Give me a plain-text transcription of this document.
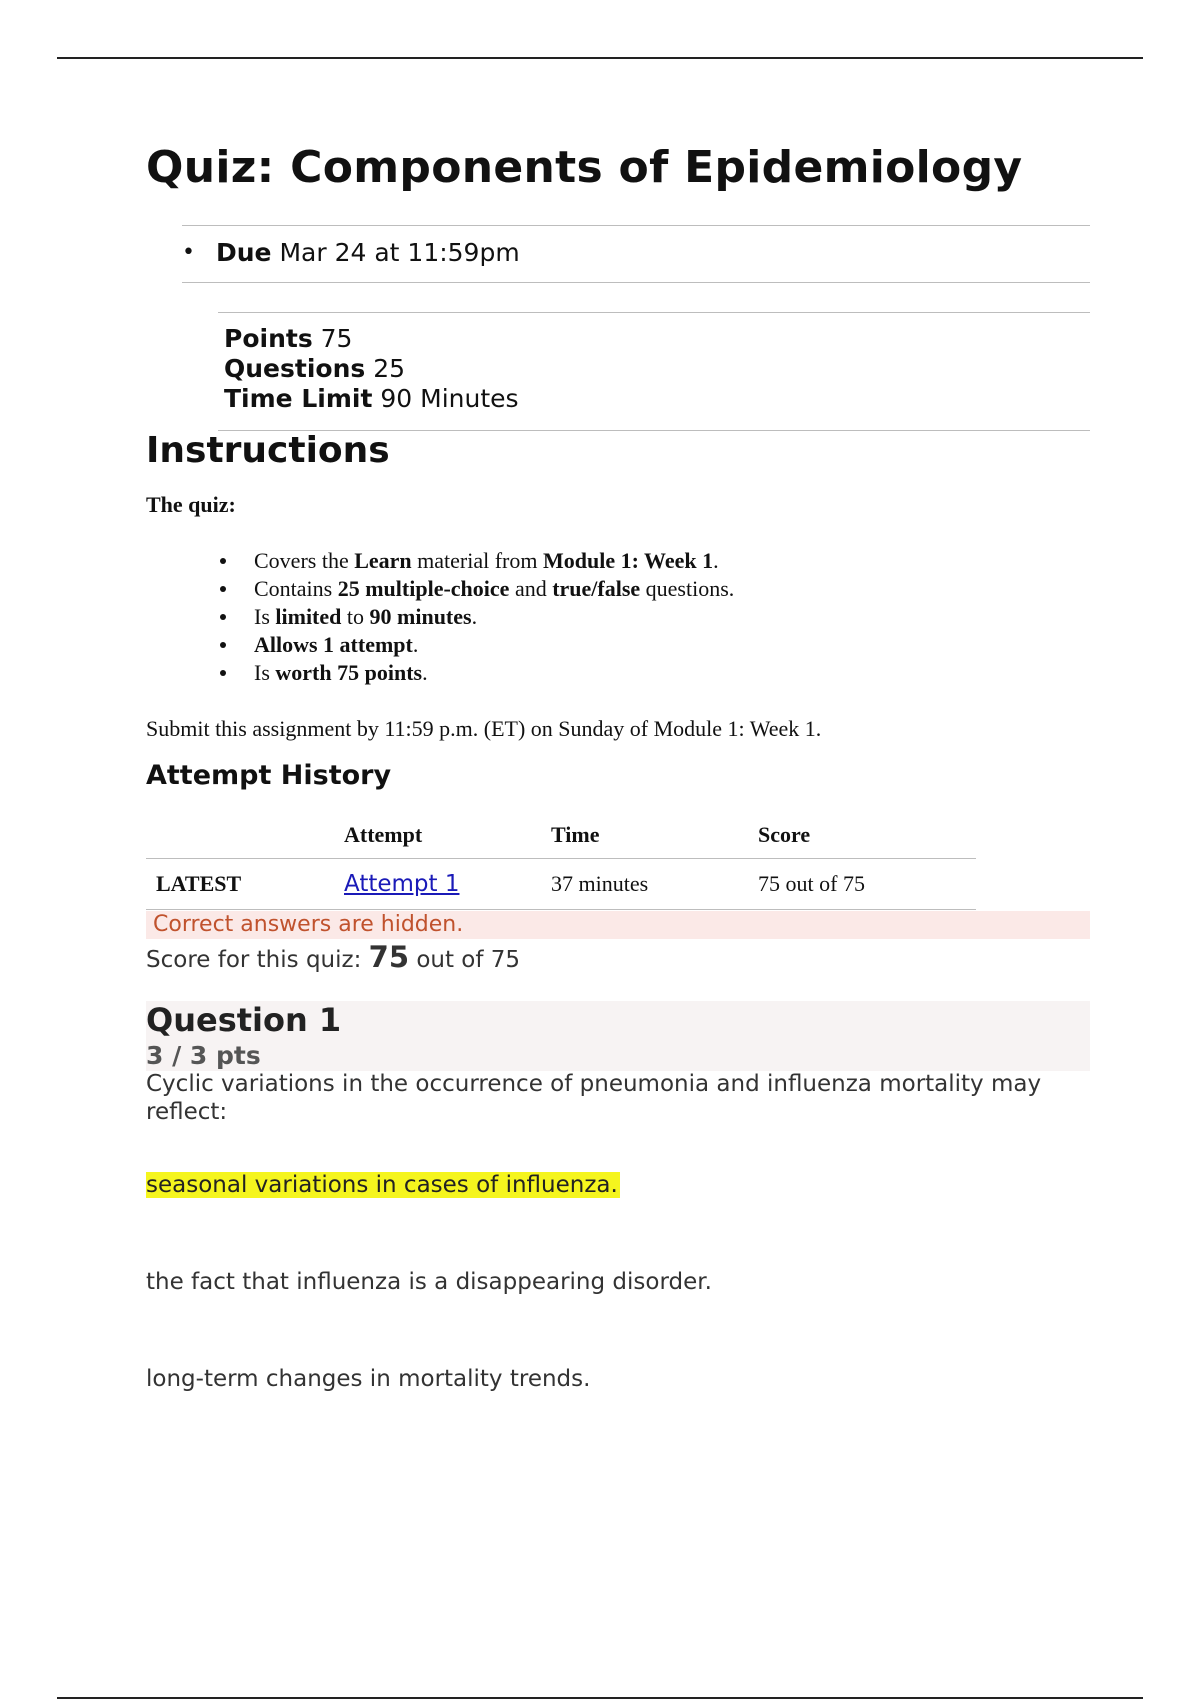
Quiz: Components of Epidemiology
• Due Mar 24 at 11:59pm
Points 75
Questions 25
Time Limit 90 Minutes
Instructions
The quiz:
Covers the Learn material from Module 1: Week 1.
Contains 25 multiple-choice and true/false questions.
Is limited to 90 minutes.
Allows 1 attempt.
Is worth 75 points.
Submit this assignment by 11:59 p.m. (ET) on Sunday of Module 1: Week 1.
Attempt History
	Attempt	Time	Score
LATEST	Attempt 1	37 minutes	75 out of 75
Correct answers are hidden.
Score for this quiz: 75 out of 75
Question 1
3 / 3 pts
Cyclic variations in the occurrence of pneumonia and influenza mortality may reflect:
seasonal variations in cases of influenza.
the fact that influenza is a disappearing disorder.
long-term changes in mortality trends.
